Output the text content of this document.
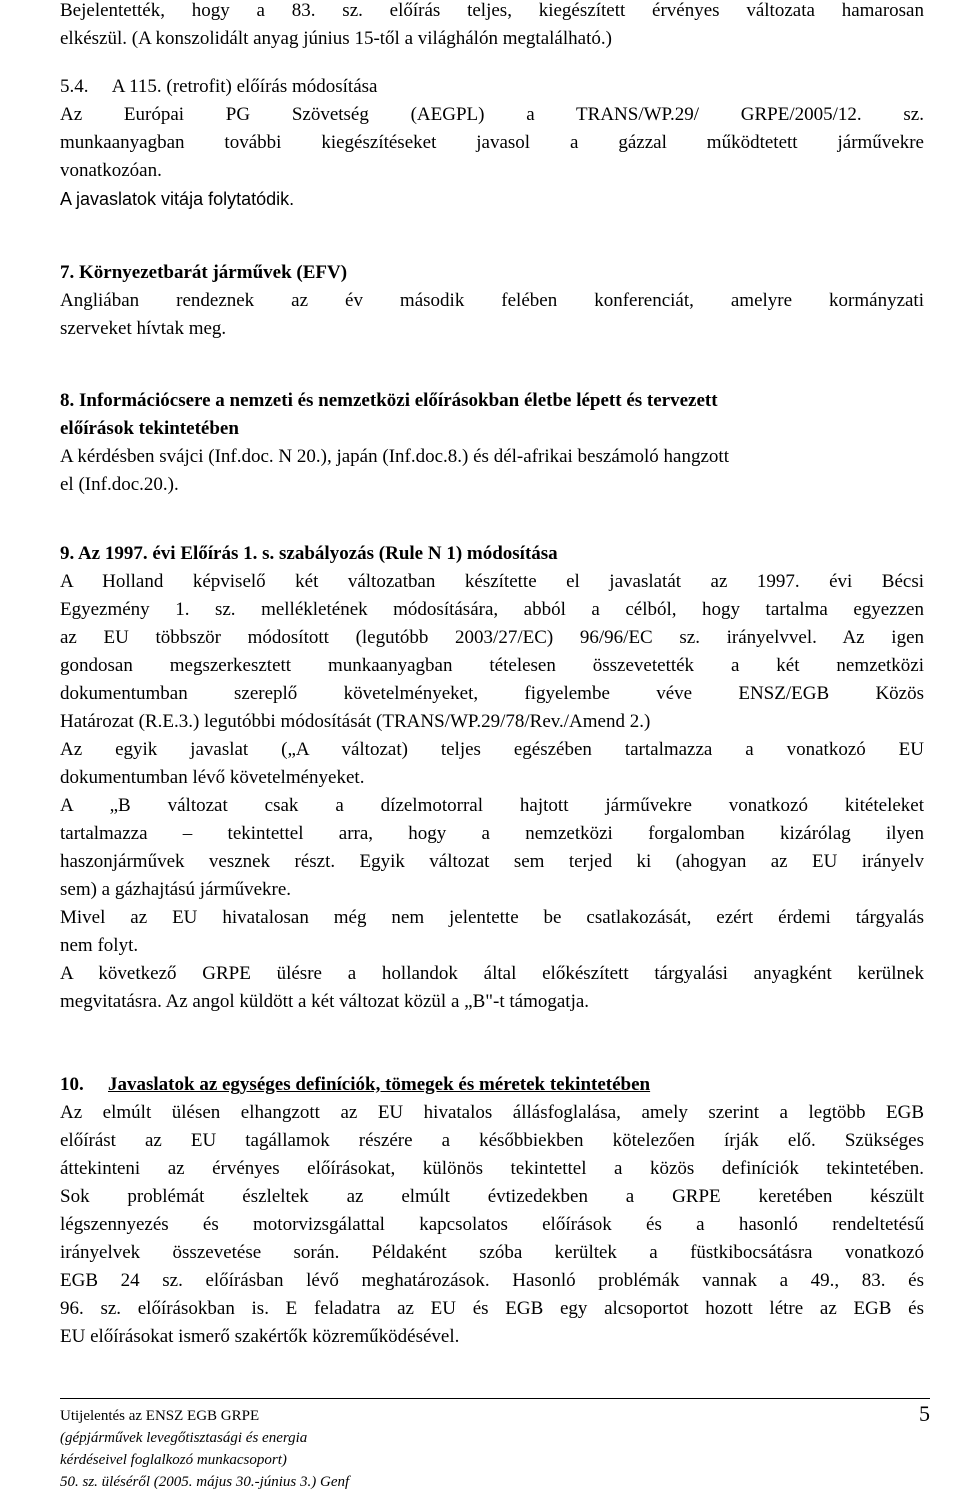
Bejelentették, hogy a 83. sz. előírás teljes, kiegészített érvényes változata hamarosan
elkészül. (A konszolidált anyag június 15-től a világhálón megtalálható.)
5.4. A 115. (retrofit) előírás módosítása
Az Európai PG Szövetség (AEGPL) a TRANS/WP.29/ GRPE/2005/12. sz.
munkaanyagban további kiegészítéseket javasol a gázzal működtetett járművekre
vonatkozóan.
A javaslatok vitája folytatódik.
7. Környezetbarát járművek (EFV)
Angliában rendeznek az év második felében konferenciát, amelyre kormányzati
szerveket hívtak meg.
8. Információcsere a nemzeti és nemzetközi előírásokban életbe lépett és tervezett
előírások tekintetében
A kérdésben svájci (Inf.doc. N 20.), japán (Inf.doc.8.) és dél-afrikai beszámoló hangzott
el (Inf.doc.20.).
9. Az 1997. évi Előírás 1. s. szabályozás (Rule N 1) módosítása
A Holland képviselő két változatban készítette el javaslatát az 1997. évi Bécsi
Egyezmény 1. sz. mellékletének módosítására, abból a célból, hogy tartalma egyezzen
az EU többször módosított (legutóbb 2003/27/EC) 96/96/EC sz. irányelvvel. Az igen
gondosan megszerkesztett munkaanyagban tételesen összevetették a két nemzetközi
dokumentumban szereplő követelményeket, figyelembe véve ENSZ/EGB Közös
Határozat (R.E.3.) legutóbbi módosítását (TRANS/WP.29/78/Rev./Amend 2.)
Az egyik javaslat („A változat) teljes egészében tartalmazza a vonatkozó EU
dokumentumban lévő követelményeket.
A „B változat csak a dízelmotorral hajtott járművekre vonatkozó kitételeket
tartalmazza – tekintettel arra, hogy a nemzetközi forgalomban kizárólag ilyen
haszonjárművek vesznek részt. Egyik változat sem terjed ki (ahogyan az EU irányelv
sem) a gázhajtású járművekre.
Mivel az EU hivatalosan még nem jelentette be csatlakozását, ezért érdemi tárgyalás
nem folyt.
A következő GRPE ülésre a hollandok által előkészített tárgyalási anyagként kerülnek
megvitatásra. Az angol küldött a két változat közül a „B"-t támogatja.
10. Javaslatok az egységes definíciók, tömegek és méretek tekintetében
Az elmúlt ülésen elhangzott az EU hivatalos állásfoglalása, amely szerint a legtöbb EGB
előírást az EU tagállamok részére a későbbiekben kötelezően írják elő. Szükséges
áttekinteni az érvényes előírásokat, különös tekintettel a közös definíciók tekintetében.
Sok problémát észleltek az elmúlt évtizedekben a GRPE keretében készült
légszennyezés és motorvizsgálattal kapcsolatos előírások és a hasonló rendeltetésű
irányelvek összevetése során. Példaként szóba kerültek a füstkibocsátásra vonatkozó
EGB 24 sz. előírásban lévő meghatározások. Hasonló problémák vannak a 49., 83. és
96. sz. előírásokban is. E feladatra az EU és EGB egy alcsoportot hozott létre az EGB és
EU előírásokat ismerő szakértők közreműködésével.
Utijelentés az ENSZ EGB GRPE
(gépjárművek levegőtisztasági és energia
kérdéseivel foglalkozó munkacsoport)
50. sz. üléséről (2005. május 30.-június 3.) Genf
5
